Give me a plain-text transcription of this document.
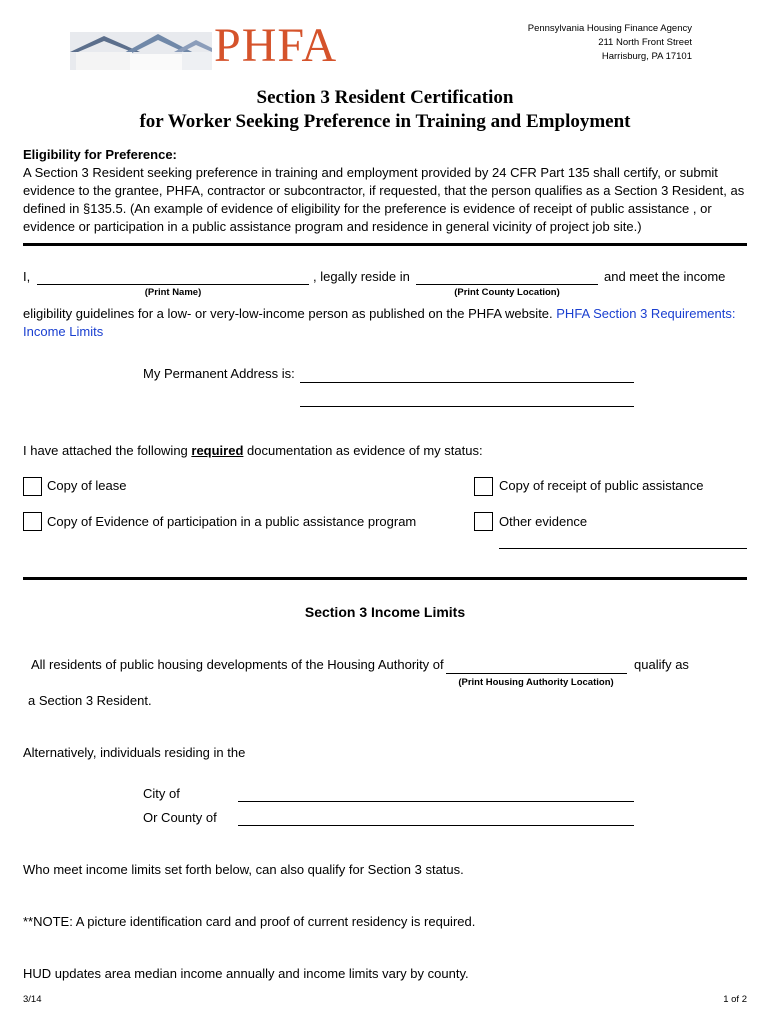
PHFA	Pennsylvania Housing Finance Agency
211 North Front Street
Harrisburg, PA 17101
Section 3 Resident Certification
for Worker Seeking Preference in Training and Employment
Eligibility for Preference:
A Section 3 Resident seeking preference in training and employment provided by 24 CFR Part 135 shall certify, or submit evidence to the grantee, PHFA, contractor or subcontractor, if requested, that the person qualifies as a Section 3 Resident, as defined in §135.5. (An example of evidence of eligibility for the preference is evidence of receipt of public assistance , or evidence or participation in a public assistance program and residence in general vicinity of project job site.)
I,
(Print Name)
, legally reside in
(Print County Location)
and meet the income
eligibility guidelines for a low- or very-low-income person as published on the PHFA website. PHFA Section 3 Requirements: Income Limits
My Permanent Address is:
I have attached the following required documentation as evidence of my status:
Copy of lease	Copy of receipt of public assistance
Copy of Evidence of participation in a public assistance program	Other evidence
Section 3 Income Limits
All residents of public housing developments of the Housing Authority of
(Print Housing Authority Location)
qualify as
a Section 3 Resident.
Alternatively, individuals residing in the
City of
Or County of
Who meet income limits set forth below, can also qualify for Section 3 status.
**NOTE: A picture identification card and proof of current residency is required.
HUD updates area median income annually and income limits vary by county.
3/14	1 of 2
